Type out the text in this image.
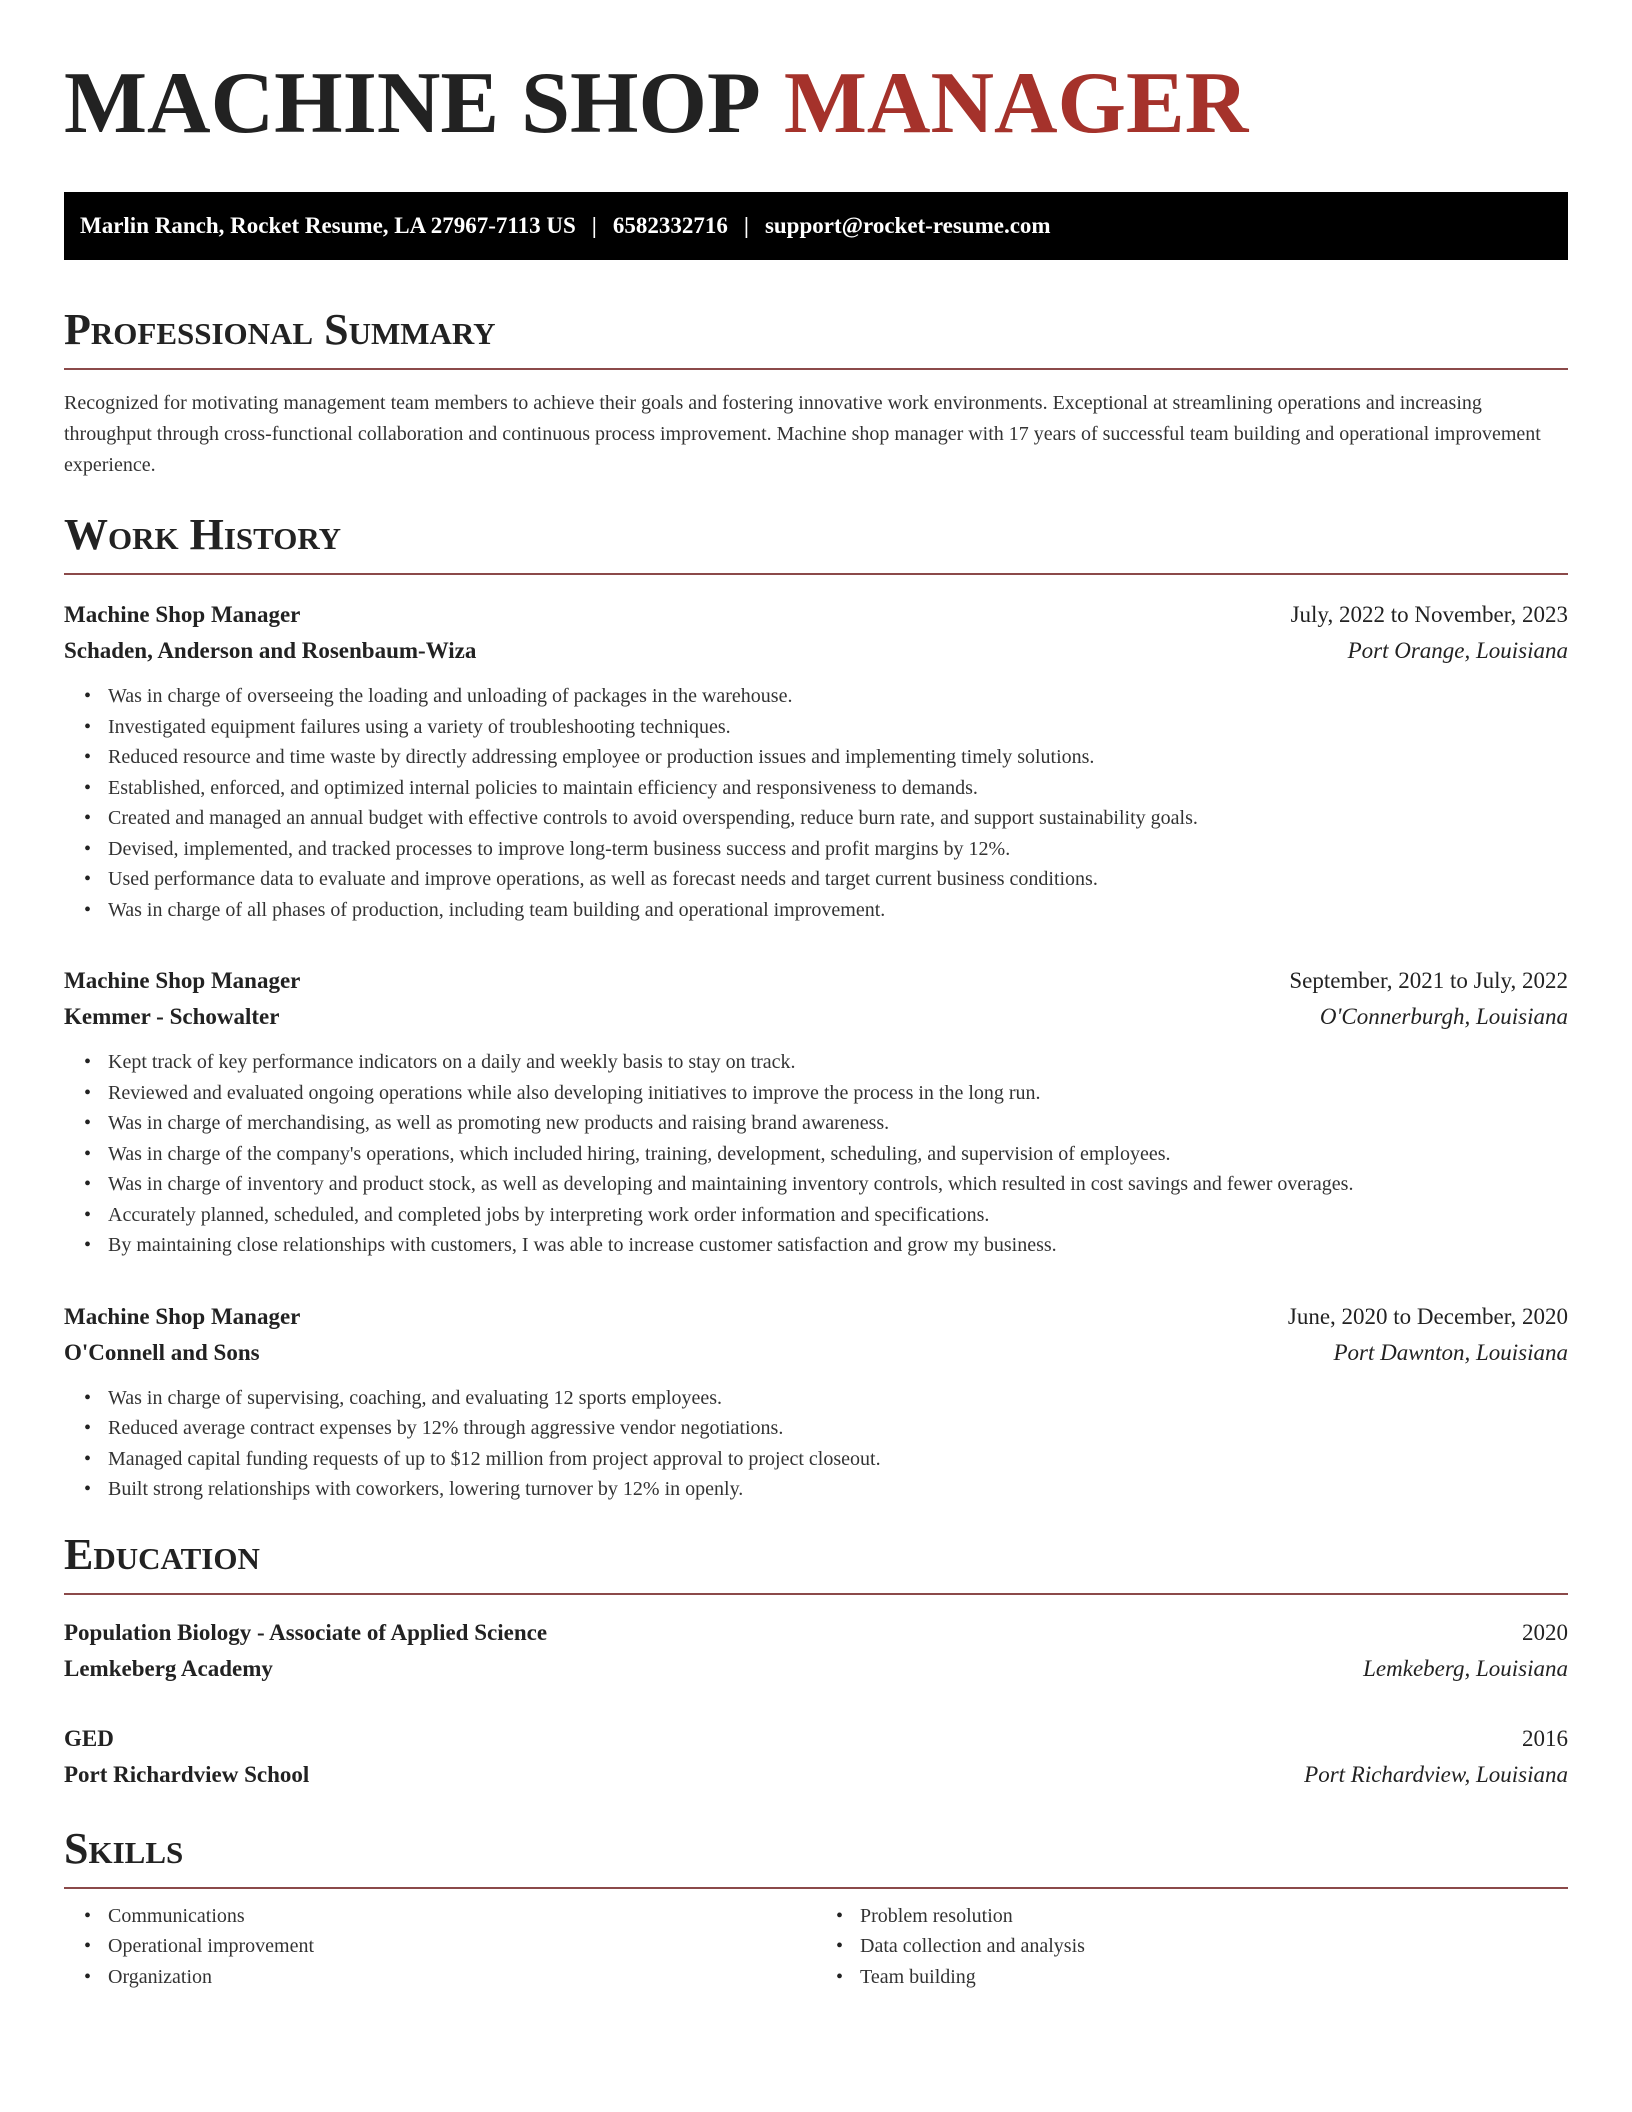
MACHINE SHOP MANAGER
Marlin Ranch, Rocket Resume, LA 27967-7113 US | 6582332716 | support@rocket-resume.com
Professional Summary
Recognized for motivating management team members to achieve their goals and fostering innovative work environments. Exceptional at streamlining operations and increasing throughput through cross-functional collaboration and continuous process improvement. Machine shop manager with 17 years of successful team building and operational improvement experience.
Work History
Machine Shop Manager	July, 2022 to November, 2023
Schaden, Anderson and Rosenbaum-Wiza	Port Orange, Louisiana
• Was in charge of overseeing the loading and unloading of packages in the warehouse.
• Investigated equipment failures using a variety of troubleshooting techniques.
• Reduced resource and time waste by directly addressing employee or production issues and implementing timely solutions.
• Established, enforced, and optimized internal policies to maintain efficiency and responsiveness to demands.
• Created and managed an annual budget with effective controls to avoid overspending, reduce burn rate, and support sustainability goals.
• Devised, implemented, and tracked processes to improve long-term business success and profit margins by 12%.
• Used performance data to evaluate and improve operations, as well as forecast needs and target current business conditions.
• Was in charge of all phases of production, including team building and operational improvement.
Machine Shop Manager	September, 2021 to July, 2022
Kemmer - Schowalter	O'Connerburgh, Louisiana
• Kept track of key performance indicators on a daily and weekly basis to stay on track.
• Reviewed and evaluated ongoing operations while also developing initiatives to improve the process in the long run.
• Was in charge of merchandising, as well as promoting new products and raising brand awareness.
• Was in charge of the company's operations, which included hiring, training, development, scheduling, and supervision of employees.
• Was in charge of inventory and product stock, as well as developing and maintaining inventory controls, which resulted in cost savings and fewer overages.
• Accurately planned, scheduled, and completed jobs by interpreting work order information and specifications.
• By maintaining close relationships with customers, I was able to increase customer satisfaction and grow my business.
Machine Shop Manager	June, 2020 to December, 2020
O'Connell and Sons	Port Dawnton, Louisiana
• Was in charge of supervising, coaching, and evaluating 12 sports employees.
• Reduced average contract expenses by 12% through aggressive vendor negotiations.
• Managed capital funding requests of up to $12 million from project approval to project closeout.
• Built strong relationships with coworkers, lowering turnover by 12% in openly.
Education
Population Biology - Associate of Applied Science	2020
Lemkeberg Academy	Lemkeberg, Louisiana
GED	2016
Port Richardview School	Port Richardview, Louisiana
Skills
• Communications
• Operational improvement
• Organization
• Problem resolution
• Data collection and analysis
• Team building
